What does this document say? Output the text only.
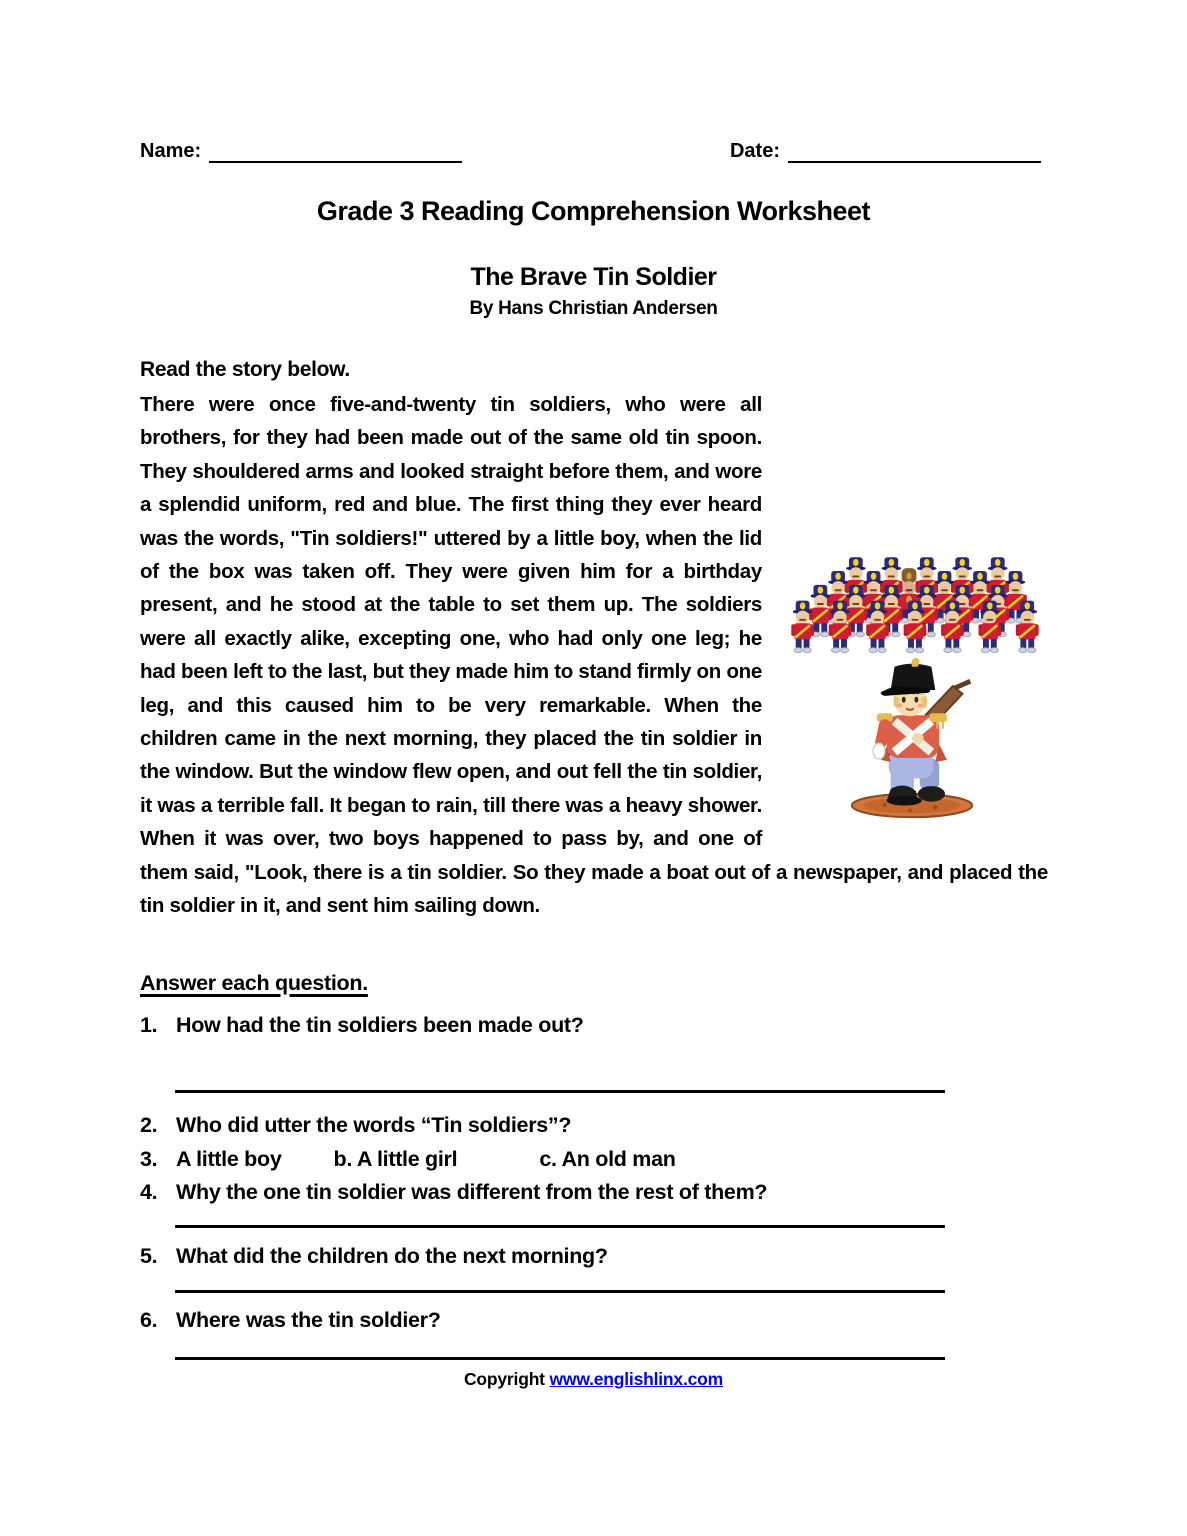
Name:	Date:
Grade 3 Reading Comprehension Worksheet
The Brave Tin Soldier
By Hans Christian Andersen
Read the story below.
There were once five-and-twenty tin soldiers, who were all brothers, for they had been made out of the same old tin spoon. They shouldered arms and looked straight before them, and wore a splendid uniform, red and blue. The first thing they ever heard was the words, "Tin soldiers!" uttered by a little boy, when the lid of the box was taken off. They were given him for a birthday present, and he stood at the table to set them up. The soldiers were all exactly alike, excepting one, who had only one leg; he had been left to the last, but they made him to stand firmly on one leg, and this caused him to be very remarkable. When the children came in the next morning, they placed the tin soldier in the window. But the window flew open, and out fell the tin soldier, it was a terrible fall. It began to rain, till there was a heavy shower. When it was over, two boys happened to pass by, and one of them said, "Look, there is a tin soldier. So they made a boat out of a newspaper, and placed the tin soldier in it, and sent him sailing down.
Answer each question.
1. How had the tin soldiers been made out?
2. Who did utter the words “Tin soldiers”?
3. A little boy b. A little girl	c. An old man
4. Why the one tin soldier was different from the rest of them?
5. What did the children do the next morning?
6. Where was the tin soldier?
Copyright www.englishlinx.com
